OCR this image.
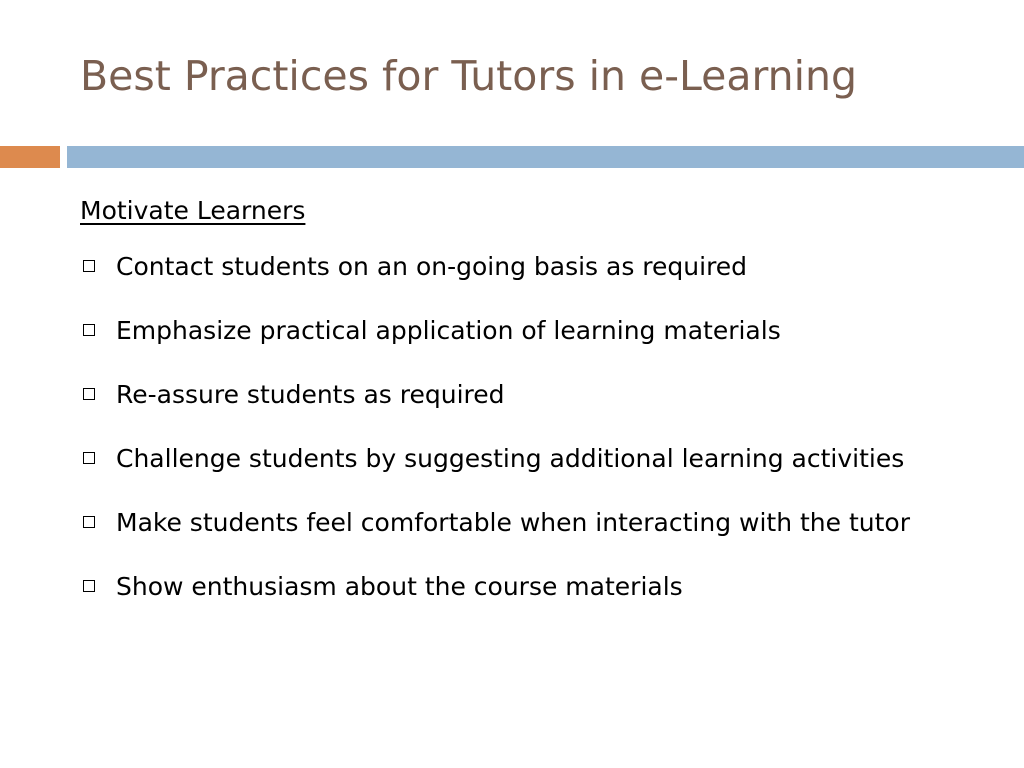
Best Practices for Tutors in e-Learning
Motivate Learners
Contact students on an on-going basis as required
Emphasize practical application of learning materials
Re-assure students as required
Challenge students by suggesting additional learning activities
Make students feel comfortable when interacting with the tutor
Show enthusiasm about the course materials
